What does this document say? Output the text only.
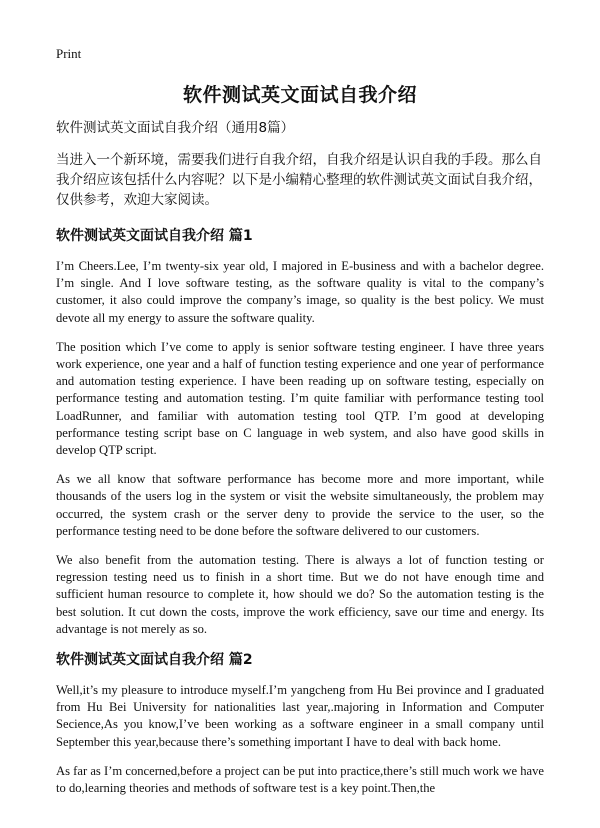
Print
软件测试英文面试自我介绍

软件测试英文面试自我介绍（通用8篇）

当进入一个新环境，需要我们进行自我介绍，自我介绍是认识自我的手段。那么自我介绍应该包括什么内容呢？以下是小编精心整理的软件测试英文面试自我介绍，仅供参考，欢迎大家阅读。

软件测试英文面试自我介绍 篇1

I’m Cheers.Lee, I’m twenty-six year old, I majored in E-business and with a bachelor degree. I’m single. And I love software testing, as the software quality is vital to the company’s customer, it also could improve the company’s image, so quality is the best policy. We must devote all my energy to assure the software quality.

The position which I’ve come to apply is senior software testing engineer. I have three years work experience, one year and a half of function testing experience and one year of performance and automation testing experience. I have been reading up on software testing, especially on performance testing and automation testing. I’m quite familiar with performance testing tool LoadRunner, and familiar with automation testing tool QTP. I’m good at developing performance testing script base on C language in web system, and also have good skills in develop QTP script.

As we all know that software performance has become more and more important, while thousands of the users log in the system or visit the website simultaneously, the problem may occurred, the system crash or the server deny to provide the service to the user, so the performance testing need to be done before the software delivered to our customers.

We also benefit from the automation testing. There is always a lot of function testing or regression testing need us to finish in a short time. But we do not have enough time and sufficient human resource to complete it, how should we do? So the automation testing is the best solution. It cut down the costs, improve the work efficiency, save our time and energy. Its advantage is not merely as so.

软件测试英文面试自我介绍 篇2

Well,it’s my pleasure to introduce myself.I’m yangcheng from Hu Bei province and I graduated from Hu Bei University for nationalities last year,.majoring in Information and Computer Secience,As you know,I’ve been working as a software engineer in a small company until September this year,because there’s something important I have to deal with back home.

As far as I’m concerned,before a project can be put into practice,there’s still much work we have to do,learning theories and methods of software test is a key point.Then,the
